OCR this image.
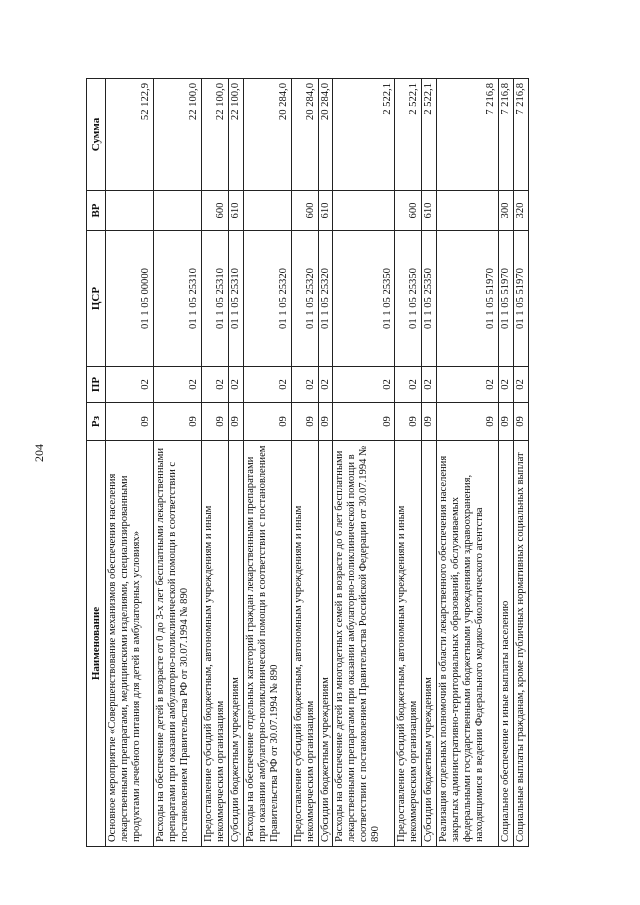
204
Наименование	Рз	ПР	ЦСР	ВР	Сумма
Основное мероприятие «Совершенствование механизмов обеспечения населения лекарственными препаратами, медицинскими изделиями, специализированными продуктами лечебного питания для детей в амбулаторных условиях»	09	02	01 1 05 00000		52 122,9
Расходы на обеспечение детей в возрасте от 0 до 3-х лет бесплатными лекарственными препаратами при оказании амбулаторно-поликлинической помощи в соответствии с постановлением Правительства РФ от 30.07.1994 № 890	09	02	01 1 05 25310		22 100,0
Предоставление субсидий бюджетным, автономным учреждениям и иным некоммерческим организациям	09	02	01 1 05 25310	600	22 100,0
Субсидии бюджетным учреждениям	09	02	01 1 05 25310	610	22 100,0
Расходы на обеспечение отдельных категорий граждан лекарственными препаратами при оказании амбулаторно-поликлинической помощи в соответствии с постановлением Правительства РФ от 30.07.1994 № 890	09	02	01 1 05 25320		20 284,0
Предоставление субсидий бюджетным, автономным учреждениям и иным некоммерческим организациям	09	02	01 1 05 25320	600	20 284,0
Субсидии бюджетным учреждениям	09	02	01 1 05 25320	610	20 284,0
Расходы на обеспечение детей из многодетных семей в возрасте до 6 лет бесплатными лекарственными препаратами при оказании амбулаторно-поликлинической помощи в соответствии с постановлением Правительства Российской Федерации от 30.07.1994 № 890	09	02	01 1 05 25350		2 522,1
Предоставление субсидий бюджетным, автономным учреждениям и иным некоммерческим организациям	09	02	01 1 05 25350	600	2 522,1
Субсидии бюджетным учреждениям	09	02	01 1 05 25350	610	2 522,1
Реализация отдельных полномочий в области лекарственного обеспечения населения закрытых административно-территориальных образований, обслуживаемых федеральными государственными бюджетными учреждениями здравоохранения, находящимися в ведении Федерального медико-биологического агентства	09	02	01 1 05 51970		7 216,8
Социальное обеспечение и иные выплаты населению	09	02	01 1 05 51970	300	7 216,8
Социальные выплаты гражданам, кроме публичных нормативных социальных выплат	09	02	01 1 05 51970	320	7 216,8
